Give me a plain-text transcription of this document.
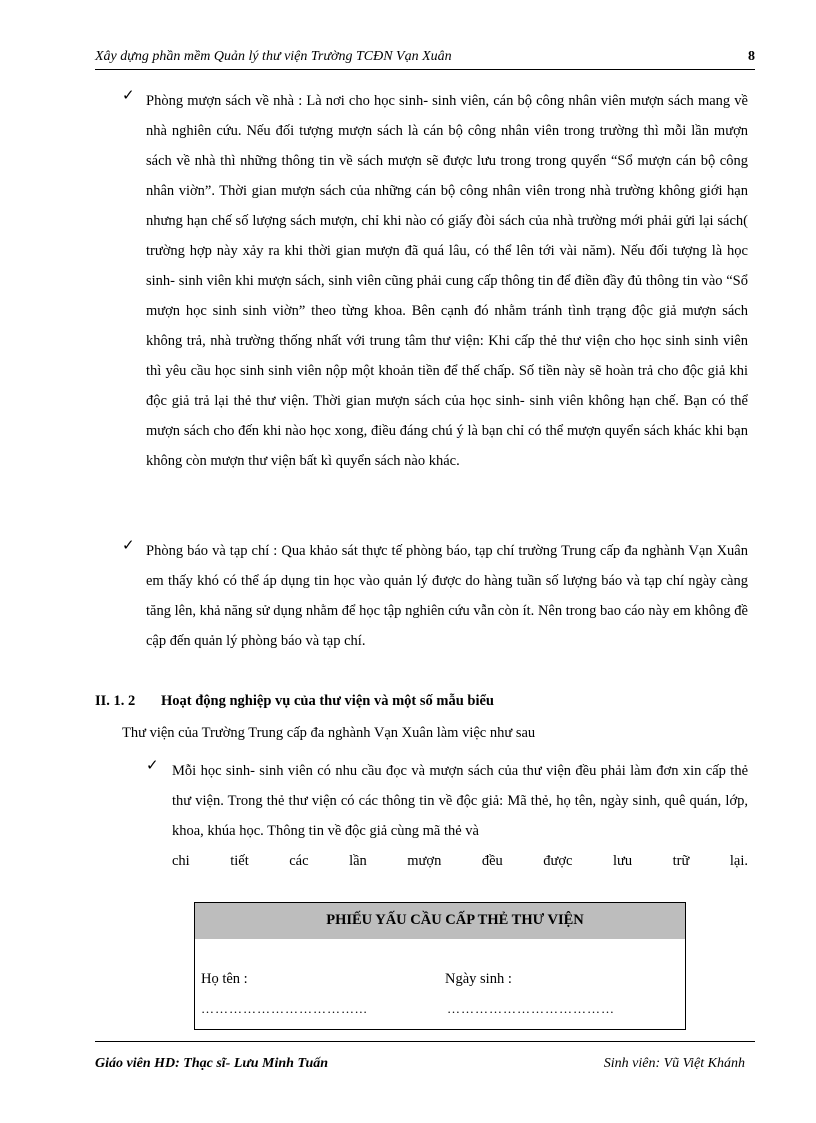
Xây dựng phần mềm Quản lý thư viện Trường TCĐN Vạn Xuân	8
✓ Phòng mượn sách về nhà : Là nơi cho học sinh- sinh viên, cán bộ công nhân viên mượn sách mang về nhà nghiên cứu. Nếu đối tượng mượn sách là cán bộ công nhân viên trong trường thì mỗi lần mượn sách về nhà thì những thông tin về sách mượn sẽ được lưu trong trong quyển “Sổ mượn cán bộ công nhân viờn”. Thời gian mượn sách của những cán bộ công nhân viên trong nhà trường không giới hạn nhưng hạn chế số lượng sách mượn, chỉ khi nào có giấy đòi sách của nhà trường mới phải gửi lại sách( trường hợp này xảy ra khi thời gian mượn đã quá lâu, có thể lên tới vài năm). Nếu đối tượng là học sinh- sinh viên khi mượn sách, sinh viên cũng phải cung cấp thông tin để điền đầy đủ thông tin vào “Sổ mượn học sinh sinh viờn” theo từng khoa. Bên cạnh đó nhằm tránh tình trạng độc giả mượn sách không trả, nhà trường thống nhất với trung tâm thư viện: Khi cấp thẻ thư viện cho học sinh sinh viên thì yêu cầu học sinh sinh viên nộp một khoản tiền để thế chấp. Số tiền này sẽ hoàn trả cho độc giả khi độc giả trả lại thẻ thư viện. Thời gian mượn sách của học sinh- sinh viên không hạn chế. Bạn có thể mượn sách cho đến khi nào học xong, điều đáng chú ý là bạn chỉ có thể mượn quyển sách khác khi bạn không còn mượn thư viện bất kì quyển sách nào khác.
✓ Phòng báo và tạp chí : Qua khảo sát thực tế phòng báo, tạp chí trường Trung cấp đa nghành Vạn Xuân em thấy khó có thể áp dụng tin học vào quản lý được do hàng tuần số lượng báo và tạp chí ngày càng tăng lên, khả năng sử dụng nhằm để học tập nghiên cứu vẫn còn ít. Nên trong bao cáo này em không đề cập đến quản lý phòng báo và tạp chí.
II. 1. 2 Hoạt động nghiệp vụ của thư viện và một số mẫu biểu
Thư viện của Trường Trung cấp đa nghành Vạn Xuân làm việc như sau
✓ Mỗi học sinh- sinh viên có nhu cầu đọc và mượn sách của thư viện đều phải làm đơn xin cấp thẻ thư viện. Trong thẻ thư viện có các thông tin về độc giả: Mã thẻ, họ tên, ngày sinh, quê quán, lớp, khoa, khúa học. Thông tin về độc giả cùng mã thẻ và
chi	tiết	các	lần	mượn	đều	được	lưu	trữ	lại.
PHIẾU YẤU CẦU CẤP THẺ THƯ VIỆN
Họ tên :	Ngày sinh :
……………………………...	………………………………
Giáo viên HD: Thạc sĩ- Lưu Minh Tuấn	Sinh viên: Vũ Việt Khánh
